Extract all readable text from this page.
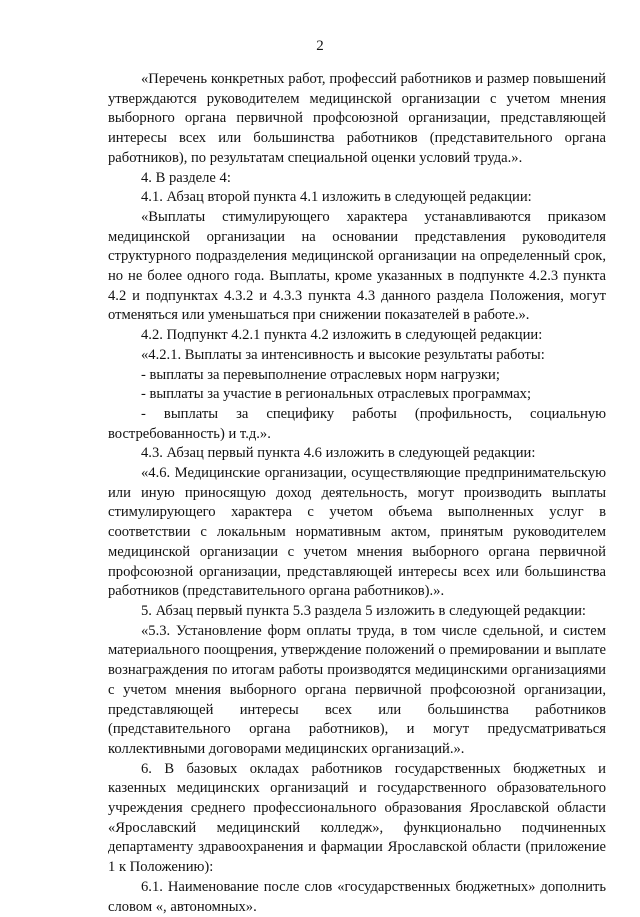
2

«Перечень конкретных работ, профессий работников и размер повышений утверждаются руководителем медицинской организации с учетом мнения выборного органа первичной профсоюзной организации, представляющей интересы всех или большинства работников (представительного органа работников), по результатам специальной оценки условий труда.».

4. В разделе 4:

4.1. Абзац второй пункта 4.1 изложить в следующей редакции:

«Выплаты стимулирующего характера устанавливаются приказом медицинской организации на основании представления руководителя структурного подразделения медицинской организации на определенный срок, но не более одного года. Выплаты, кроме указанных в подпункте 4.2.3 пункта 4.2 и подпунктах 4.3.2 и 4.3.3 пункта 4.3 данного раздела Положения, могут отменяться или уменьшаться при снижении показателей в работе.».

4.2. Подпункт 4.2.1 пункта 4.2 изложить в следующей редакции:

«4.2.1. Выплаты за интенсивность и высокие результаты работы:

- выплаты за перевыполнение отраслевых норм нагрузки;

- выплаты за участие в региональных отраслевых программах;

- выплаты за специфику работы (профильность, социальную востребованность) и т.д.».

4.3. Абзац первый пункта 4.6 изложить в следующей редакции:

«4.6. Медицинские организации, осуществляющие предпринимательскую или иную приносящую доход деятельность, могут производить выплаты стимулирующего характера с учетом объема выполненных услуг в соответствии с локальным нормативным актом, принятым руководителем медицинской организации с учетом мнения выборного органа первичной профсоюзной организации, представляющей интересы всех или большинства работников (представительного органа работников).».

5. Абзац первый пункта 5.3 раздела 5 изложить в следующей редакции:

«5.3. Установление форм оплаты труда, в том числе сдельной, и систем материального поощрения, утверждение положений о премировании и выплате вознаграждения по итогам работы производятся медицинскими организациями с учетом мнения выборного органа первичной профсоюзной организации, представляющей интересы всех или большинства работников (представительного органа работников), и могут предусматриваться коллективными договорами медицинских организаций.».

6. В базовых окладах работников государственных бюджетных и казенных медицинских организаций и государственного образовательного учреждения среднего профессионального образования Ярославской области «Ярославский медицинский колледж», функционально подчиненных департаменту здравоохранения и фармации Ярославской области (приложение 1 к Положению):

6.1. Наименование после слов «государственных бюджетных» дополнить словом «, автономных».
